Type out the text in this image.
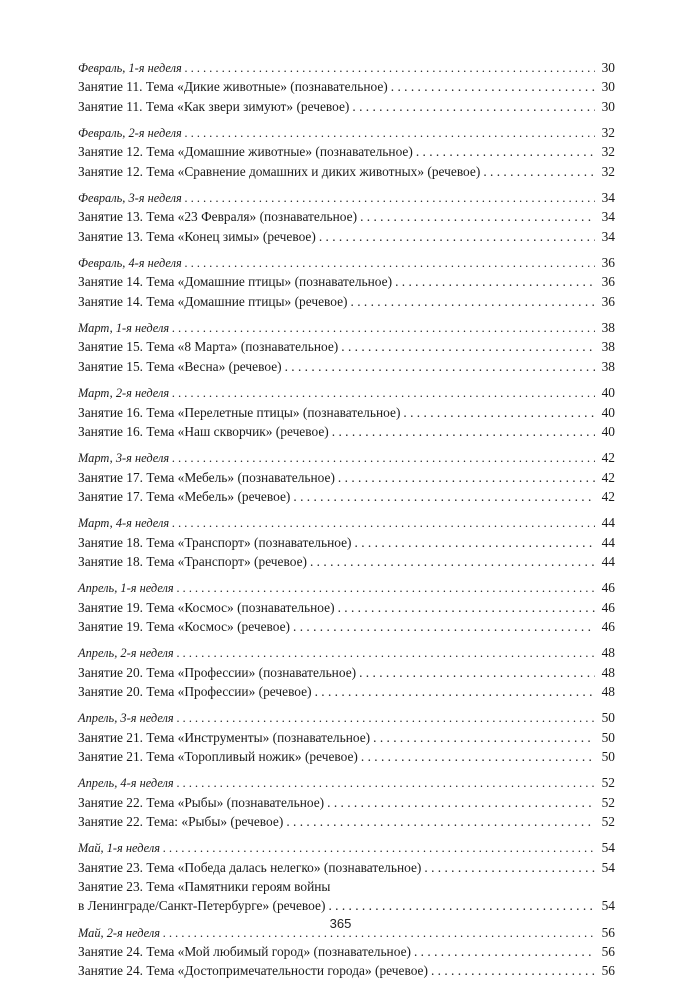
Февраль, 1-я неделя . . .	30
Занятие 11. Тема «Дикие животные» (познавательное) . . .	30
Занятие 11. Тема «Как звери зимуют» (речевое) . . .	30
Февраль, 2-я неделя . . .	32
Занятие 12. Тема «Домашние животные» (познавательное) . . .	32
Занятие 12. Тема «Сравнение домашних и диких животных» (речевое) . . .	32
Февраль, 3-я неделя . . .	34
Занятие 13. Тема «23 Февраля» (познавательное) . . .	34
Занятие 13. Тема «Конец зимы» (речевое) . . .	34
Февраль, 4-я неделя . . .	36
Занятие 14. Тема «Домашние птицы» (познавательное) . . .	36
Занятие 14. Тема «Домашние птицы» (речевое) . . .	36
Март, 1-я неделя . . .	38
Занятие 15. Тема «8 Марта» (познавательное) . . .	38
Занятие 15. Тема «Весна» (речевое) . . .	38
Март, 2-я неделя . . .	40
Занятие 16. Тема «Перелетные птицы» (познавательное) . . .	40
Занятие 16. Тема «Наш скворчик» (речевое) . . .	40
Март, 3-я неделя . . .	42
Занятие 17. Тема «Мебель» (познавательное) . . .	42
Занятие 17. Тема «Мебель» (речевое) . . .	42
Март, 4-я неделя . . .	44
Занятие 18. Тема «Транспорт» (познавательное) . . .	44
Занятие 18. Тема «Транспорт» (речевое) . . .	44
Апрель, 1-я неделя . . .	46
Занятие 19. Тема «Космос» (познавательное) . . .	46
Занятие 19. Тема «Космос» (речевое) . . .	46
Апрель, 2-я неделя . . .	48
Занятие 20. Тема «Профессии» (познавательное) . . .	48
Занятие 20. Тема «Профессии» (речевое) . . .	48
Апрель, 3-я неделя . . .	50
Занятие 21. Тема «Инструменты» (познавательное) . . .	50
Занятие 21. Тема «Торопливый ножик» (речевое) . . .	50
Апрель, 4-я неделя . . .	52
Занятие 22. Тема «Рыбы» (познавательное) . . .	52
Занятие 22. Тема: «Рыбы» (речевое) . . .	52
Май, 1-я неделя . . .	54
Занятие 23. Тема «Победа далась нелегко» (познавательное) . . .	54
Занятие 23. Тема «Памятники героям войны
в Ленинграде/Санкт-Петербурге» (речевое) . . .	54
Май, 2-я неделя . . .	56
Занятие 24. Тема «Мой любимый город» (познавательное) . . .	56
Занятие 24. Тема «Достопримечательности города» (речевое) . . .	56
365
